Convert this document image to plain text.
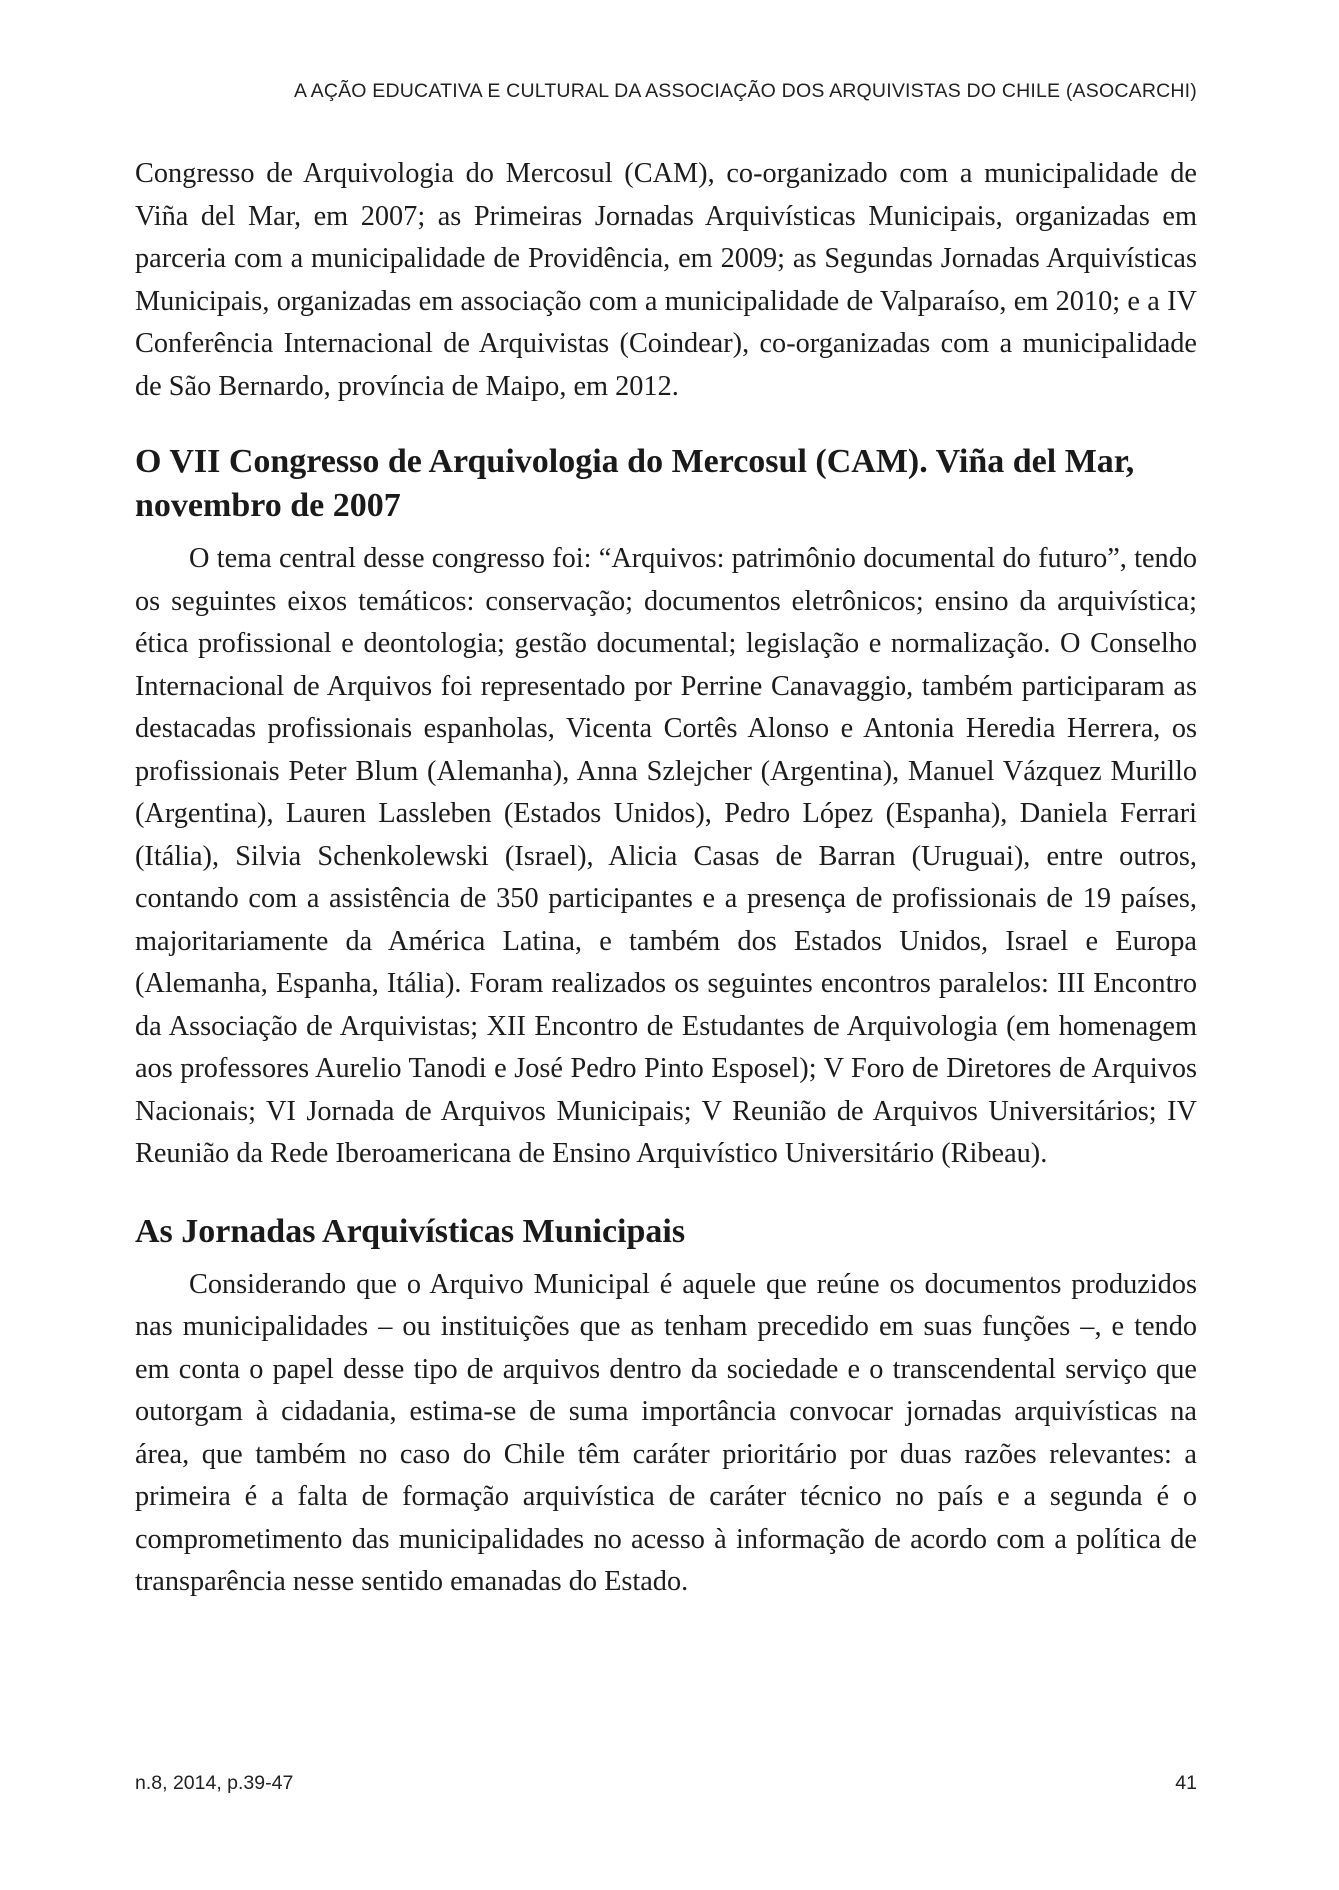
A AÇÃO EDUCATIVA E CULTURAL DA ASSOCIAÇÃO DOS ARQUIVISTAS DO CHILE (ASOCARCHI)

Congresso de Arquivologia do Mercosul (CAM), co-organizado com a municipalidade de Viña del Mar, em 2007; as Primeiras Jornadas Arquivísticas Municipais, organizadas em parceria com a municipalidade de Providência, em 2009; as Segundas Jornadas Arquivísticas Municipais, organizadas em associação com a municipalidade de Valparaíso, em 2010; e a IV Conferência Internacional de Arquivistas (Coindear), co-organizadas com a municipalidade de São Bernardo, província de Maipo, em 2012.

O VII Congresso de Arquivologia do Mercosul (CAM). Viña del Mar, novembro de 2007

O tema central desse congresso foi: “Arquivos: patrimônio documental do futuro”, tendo os seguintes eixos temáticos: conservação; documentos eletrônicos; ensino da arquivística; ética profissional e deontologia; gestão documental; legislação e normalização. O Conselho Internacional de Arquivos foi representado por Perrine Canavaggio, também participaram as destacadas profissionais espanholas, Vicenta Cortês Alonso e Antonia Heredia Herrera, os profissionais Peter Blum (Alemanha), Anna Szlejcher (Argentina), Manuel Vázquez Murillo (Argentina), Lauren Lassleben (Estados Unidos), Pedro López (Espanha), Daniela Ferrari (Itália), Silvia Schenkolewski (Israel), Alicia Casas de Barran (Uruguai), entre outros, contando com a assistência de 350 participantes e a presença de profissionais de 19 países, majoritariamente da América Latina, e também dos Estados Unidos, Israel e Europa (Alemanha, Espanha, Itália). Foram realizados os seguintes encontros paralelos: III Encontro da Associação de Arquivistas; XII Encontro de Estudantes de Arquivologia (em homenagem aos professores Aurelio Tanodi e José Pedro Pinto Esposel); V Foro de Diretores de Arquivos Nacionais; VI Jornada de Arquivos Municipais; V Reunião de Arquivos Universitários; IV Reunião da Rede Iberoamericana de Ensino Arquivístico Universitário (Ribeau).

As Jornadas Arquivísticas Municipais

Considerando que o Arquivo Municipal é aquele que reúne os documentos produzidos nas municipalidades – ou instituições que as tenham precedido em suas funções –, e tendo em conta o papel desse tipo de arquivos dentro da sociedade e o transcendental serviço que outorgam à cidadania, estima-se de suma importância convocar jornadas arquivísticas na área, que também no caso do Chile têm caráter prioritário por duas razões relevantes: a primeira é a falta de formação arquivística de caráter técnico no país e a segunda é o comprometimento das municipalidades no acesso à informação de acordo com a política de transparência nesse sentido emanadas do Estado.

n.8, 2014, p.39-47	41
